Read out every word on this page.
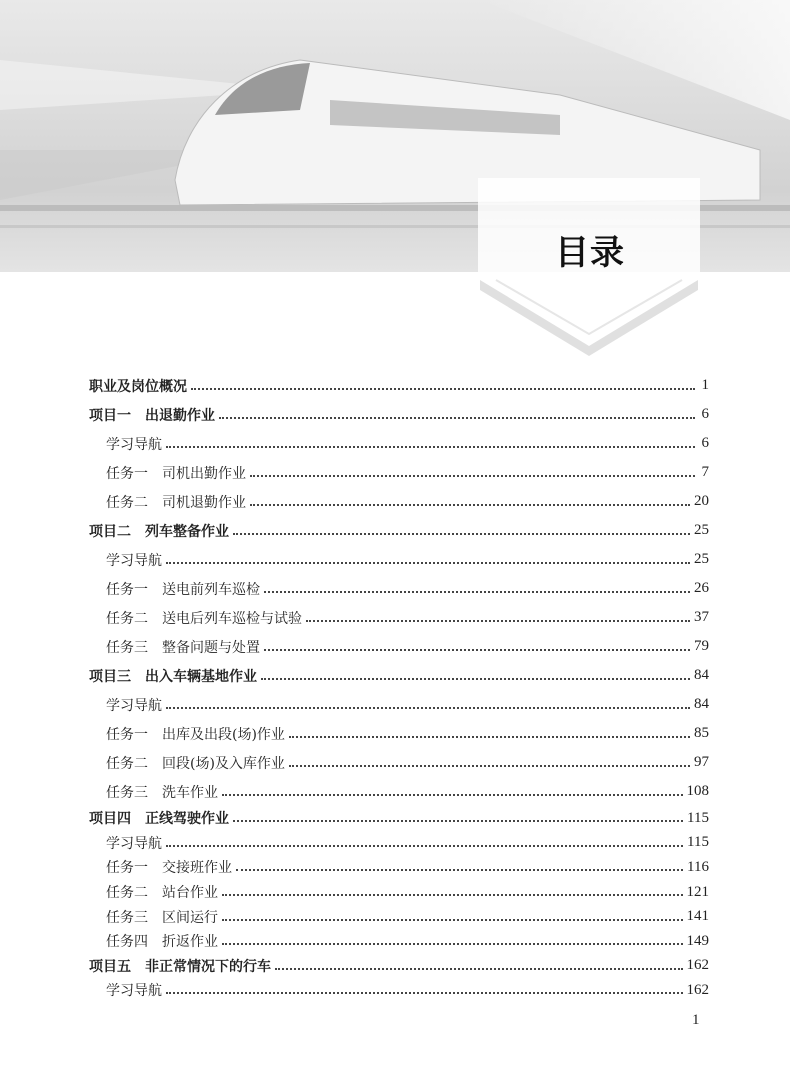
目录
职业及岗位概况	1
项目一 出退勤作业	6
学习导航	6
任务一 司机出勤作业	7
任务二 司机退勤作业	20
项目二 列车整备作业	25
学习导航	25
任务一 送电前列车巡检	26
任务二 送电后列车巡检与试验	37
任务三 整备问题与处置	79
项目三 出入车辆基地作业	84
学习导航	84
任务一 出库及出段(场)作业	85
任务二 回段(场)及入库作业	97
任务三 洗车作业	108
项目四 正线驾驶作业	115
学习导航	115
任务一 交接班作业	116
任务二 站台作业	121
任务三 区间运行	141
任务四 折返作业	149
项目五 非正常情况下的行车	162
学习导航	162
1
